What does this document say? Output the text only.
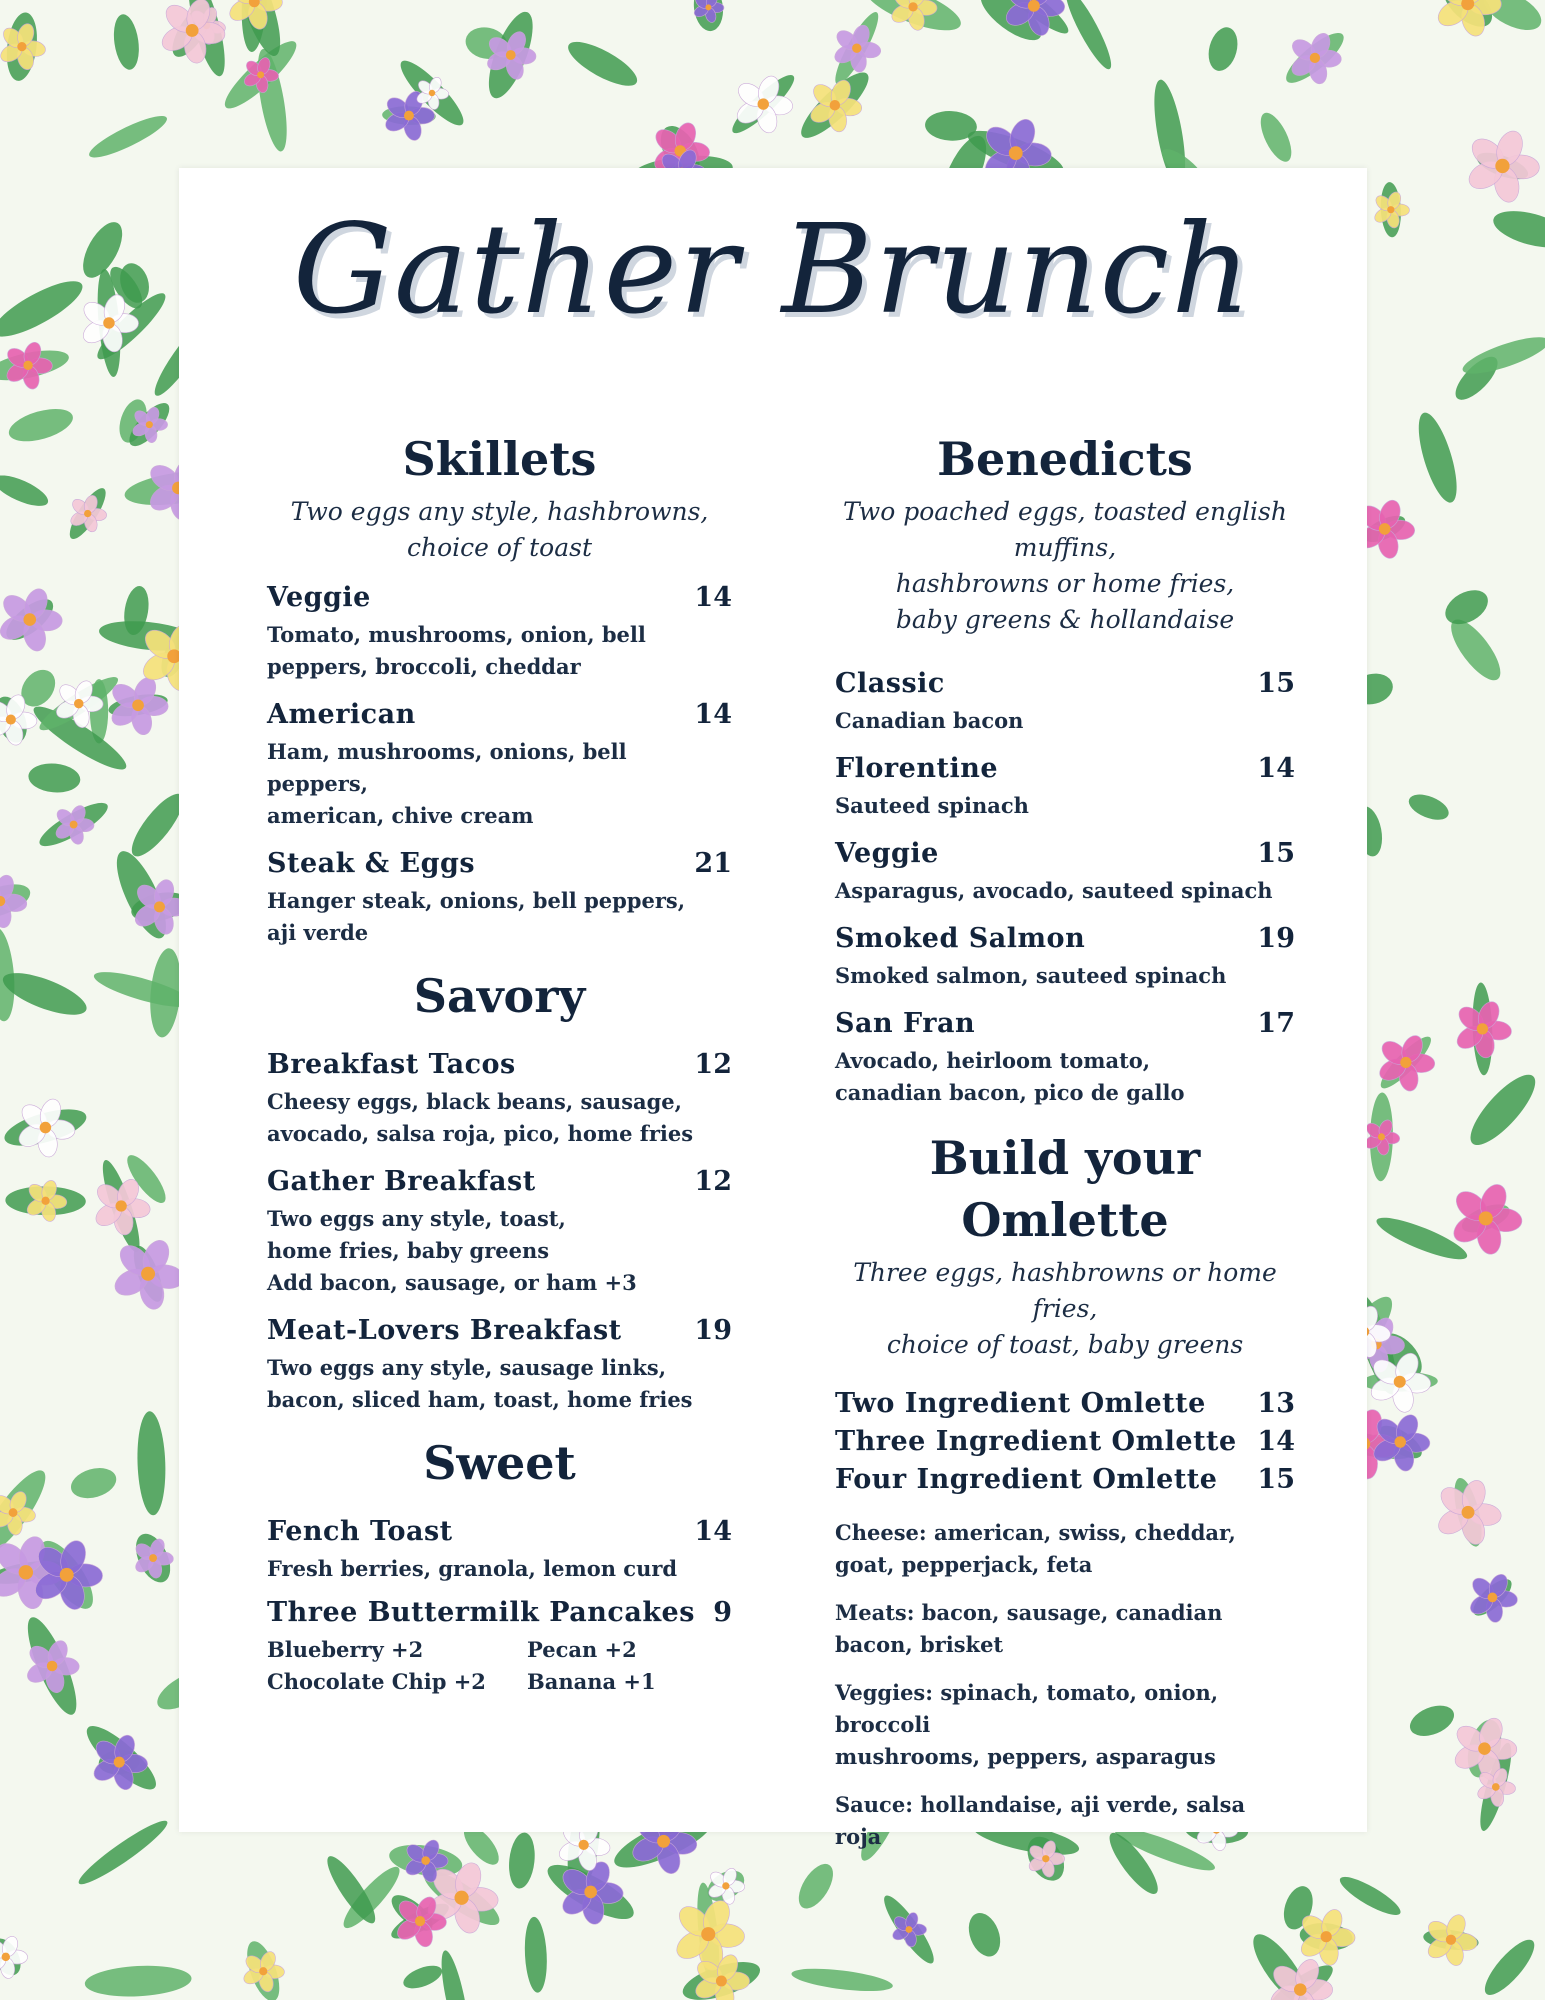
Gather Brunch
Skillets
Two eggs any style, hashbrowns,
choice of toast
Veggie	14
Tomato, mushrooms, onion, bell
peppers, broccoli, cheddar
American	14
Ham, mushrooms, onions, bell peppers,
american, chive cream
Steak & Eggs	21
Hanger steak, onions, bell peppers,
aji verde
Savory
Breakfast Tacos	12
Cheesy eggs, black beans, sausage,
avocado, salsa roja, pico, home fries
Gather Breakfast	12
Two eggs any style, toast,
home fries, baby greens
Add bacon, sausage, or ham +3
Meat-Lovers Breakfast	19
Two eggs any style, sausage links,
bacon, sliced ham, toast, home fries
Sweet
Fench Toast	14
Fresh berries, granola, lemon curd
Three Buttermilk Pancakes 9
Blueberry +2	Pecan +2
Chocolate Chip +2	Banana +1
Benedicts
Two poached eggs, toasted english muffins,
hashbrowns or home fries,
baby greens & hollandaise
Classic	15
Canadian bacon
Florentine	14
Sauteed spinach
Veggie	15
Asparagus, avocado, sauteed spinach
Smoked Salmon	19
Smoked salmon, sauteed spinach
San Fran	17
Avocado, heirloom tomato,
canadian bacon, pico de gallo
Build your Omlette
Three eggs, hashbrowns or home fries,
choice of toast, baby greens
Two Ingredient Omlette 13
Three Ingredient Omlette 14
Four Ingredient Omlette 15
Cheese: american, swiss, cheddar,
goat, pepperjack, feta
Meats: bacon, sausage, canadian
bacon, brisket
Veggies: spinach, tomato, onion, broccoli
mushrooms, peppers, asparagus
Sauce: hollandaise, aji verde, salsa
roja
